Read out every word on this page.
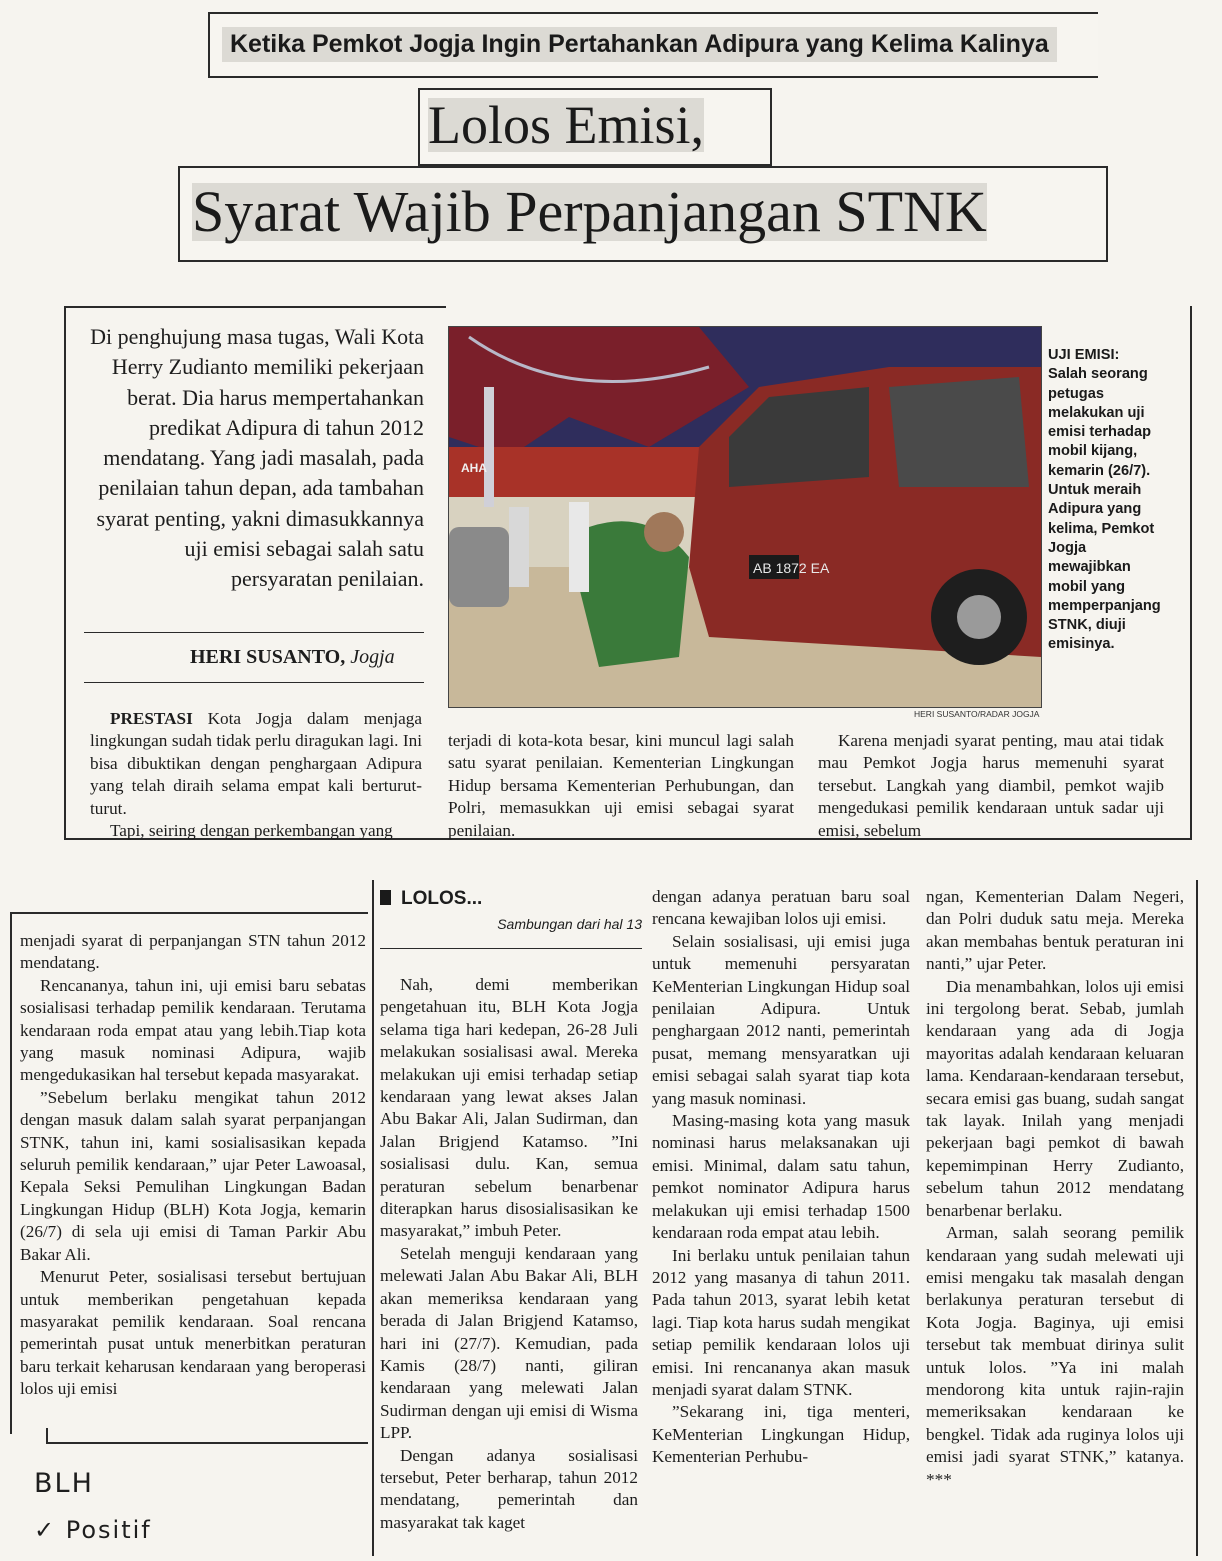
Ketika Pemkot Jogja Ingin Pertahankan Adipura yang Kelima Kalinya
Lolos Emisi,
Syarat Wajib Perpanjangan STNK
Di penghujung masa tugas, Wali Kota Herry Zudianto memiliki pekerjaan berat. Dia harus mempertahankan predikat Adipura di tahun 2012 mendatang. Yang jadi masalah, pada penilaian tahun depan, ada tambahan syarat penting, yakni dimasukkannya uji emisi sebagai salah satu persyaratan penilaian.
HERI SUSANTO, Jogja
AB 1872 EA
AHA
HERI SUSANTO/RADAR JOGJA
UJI EMISI:
Salah seorang petugas melakukan uji emisi terhadap mobil kijang, kemarin (26/7). Untuk meraih Adipura yang kelima, Pemkot Jogja mewajibkan mobil yang memperpanjang STNK, diuji emisinya.

PRESTASI Kota Jogja dalam menjaga lingkungan sudah tidak perlu diragukan lagi. Ini bisa dibuktikan dengan penghargaan Adipura yang telah diraih selama empat kali berturut-turut.

Tapi, seiring dengan perkembangan yang

terjadi di kota-kota besar, kini muncul lagi salah satu syarat penilaian. Kementerian Lingkungan Hidup bersama Kementerian Perhubungan, dan Polri, memasukkan uji emisi sebagai syarat penilaian.

Karena menjadi syarat penting, mau atai tidak mau Pemkot Jogja harus memenuhi syarat tersebut. Langkah yang diambil, pemkot wajib mengedukasi pemilik kendaraan untuk sadar uji emisi, sebelum

menjadi syarat di perpanjangan STN tahun 2012 mendatang.

Rencananya, tahun ini, uji emisi baru sebatas sosialisasi terhadap pemilik kendaraan. Terutama kendaraan roda empat atau yang lebih.Tiap kota yang masuk nominasi Adipura, wajib mengedukasikan hal tersebut kepada masyarakat.

”Sebelum berlaku mengikat tahun 2012 dengan masuk dalam salah syarat perpanjangan STNK, tahun ini, kami sosialisasikan kepada seluruh pemilik kendaraan,” ujar Peter Lawoasal, Kepala Seksi Pemulihan Lingkungan Badan Lingkungan Hidup (BLH) Kota Jogja, kemarin (26/7) di sela uji emisi di Taman Parkir Abu Bakar Ali.

Menurut Peter, sosialisasi tersebut bertujuan untuk memberikan pengetahuan kepada masyarakat pemilik kendaraan. Soal rencana pemerintah pusat untuk menerbitkan peraturan baru terkait keharusan kendaraan yang beroperasi lolos uji emisi

LOLOS...
Sambungan dari hal 13

Nah, demi memberikan pengetahuan itu, BLH Kota Jogja selama tiga hari kedepan, 26-28 Juli melakukan sosialisasi awal. Mereka melakukan uji emisi terhadap setiap kendaraan yang lewat akses Jalan Abu Bakar Ali, Jalan Sudirman, dan Jalan Brigjend Katamso. ”Ini sosialisasi dulu. Kan, semua peraturan sebelum benarbenar diterapkan harus disosialisasikan ke masyarakat,” imbuh Peter.

Setelah menguji kendaraan yang melewati Jalan Abu Bakar Ali, BLH akan memeriksa kendaraan yang berada di Jalan Brigjend Katamso, hari ini (27/7). Kemudian, pada Kamis (28/7) nanti, giliran kendaraan yang melewati Jalan Sudirman dengan uji emisi di Wisma LPP.

Dengan adanya sosialisasi tersebut, Peter berharap, tahun 2012 mendatang, pemerintah dan masyarakat tak kaget

dengan adanya peratuan baru soal rencana kewajiban lolos uji emisi.

Selain sosialisasi, uji emisi juga untuk memenuhi persyaratan KeMenterian Lingkungan Hidup soal penilaian Adipura. Untuk penghargaan 2012 nanti, pemerintah pusat, memang mensyaratkan uji emisi sebagai salah syarat tiap kota yang masuk nominasi.

Masing-masing kota yang masuk nominasi harus melaksanakan uji emisi. Minimal, dalam satu tahun, pemkot nominator Adipura harus melakukan uji emisi terhadap 1500 kendaraan roda empat atau lebih.

Ini berlaku untuk penilaian tahun 2012 yang masanya di tahun 2011. Pada tahun 2013, syarat lebih ketat lagi. Tiap kota harus sudah mengikat setiap pemilik kendaraan lolos uji emisi. Ini rencananya akan masuk menjadi syarat dalam STNK.

”Sekarang ini, tiga menteri, KeMenterian Lingkungan Hidup, Kementerian Perhubu-

ngan, Kementerian Dalam Negeri, dan Polri duduk satu meja. Mereka akan membahas bentuk peraturan ini nanti,” ujar Peter.

Dia menambahkan, lolos uji emisi ini tergolong berat. Sebab, jumlah kendaraan yang ada di Jogja mayoritas adalah kendaraan keluaran lama. Kendaraan-kendaraan tersebut, secara emisi gas buang, sudah sangat tak layak. Inilah yang menjadi pekerjaan bagi pemkot di bawah kepemimpinan Herry Zudianto, sebelum tahun 2012 mendatang benarbenar berlaku.

Arman, salah seorang pemilik kendaraan yang sudah melewati uji emisi mengaku tak masalah dengan berlakunya peraturan tersebut di Kota Jogja. Baginya, uji emisi tersebut tak membuat dirinya sulit untuk lolos. ”Ya ini malah mendorong kita untuk rajin-rajin memeriksakan kendaraan ke bengkel. Tidak ada ruginya lolos uji emisi jadi syarat STNK,” katanya. ***

BLH
✓ Positif
